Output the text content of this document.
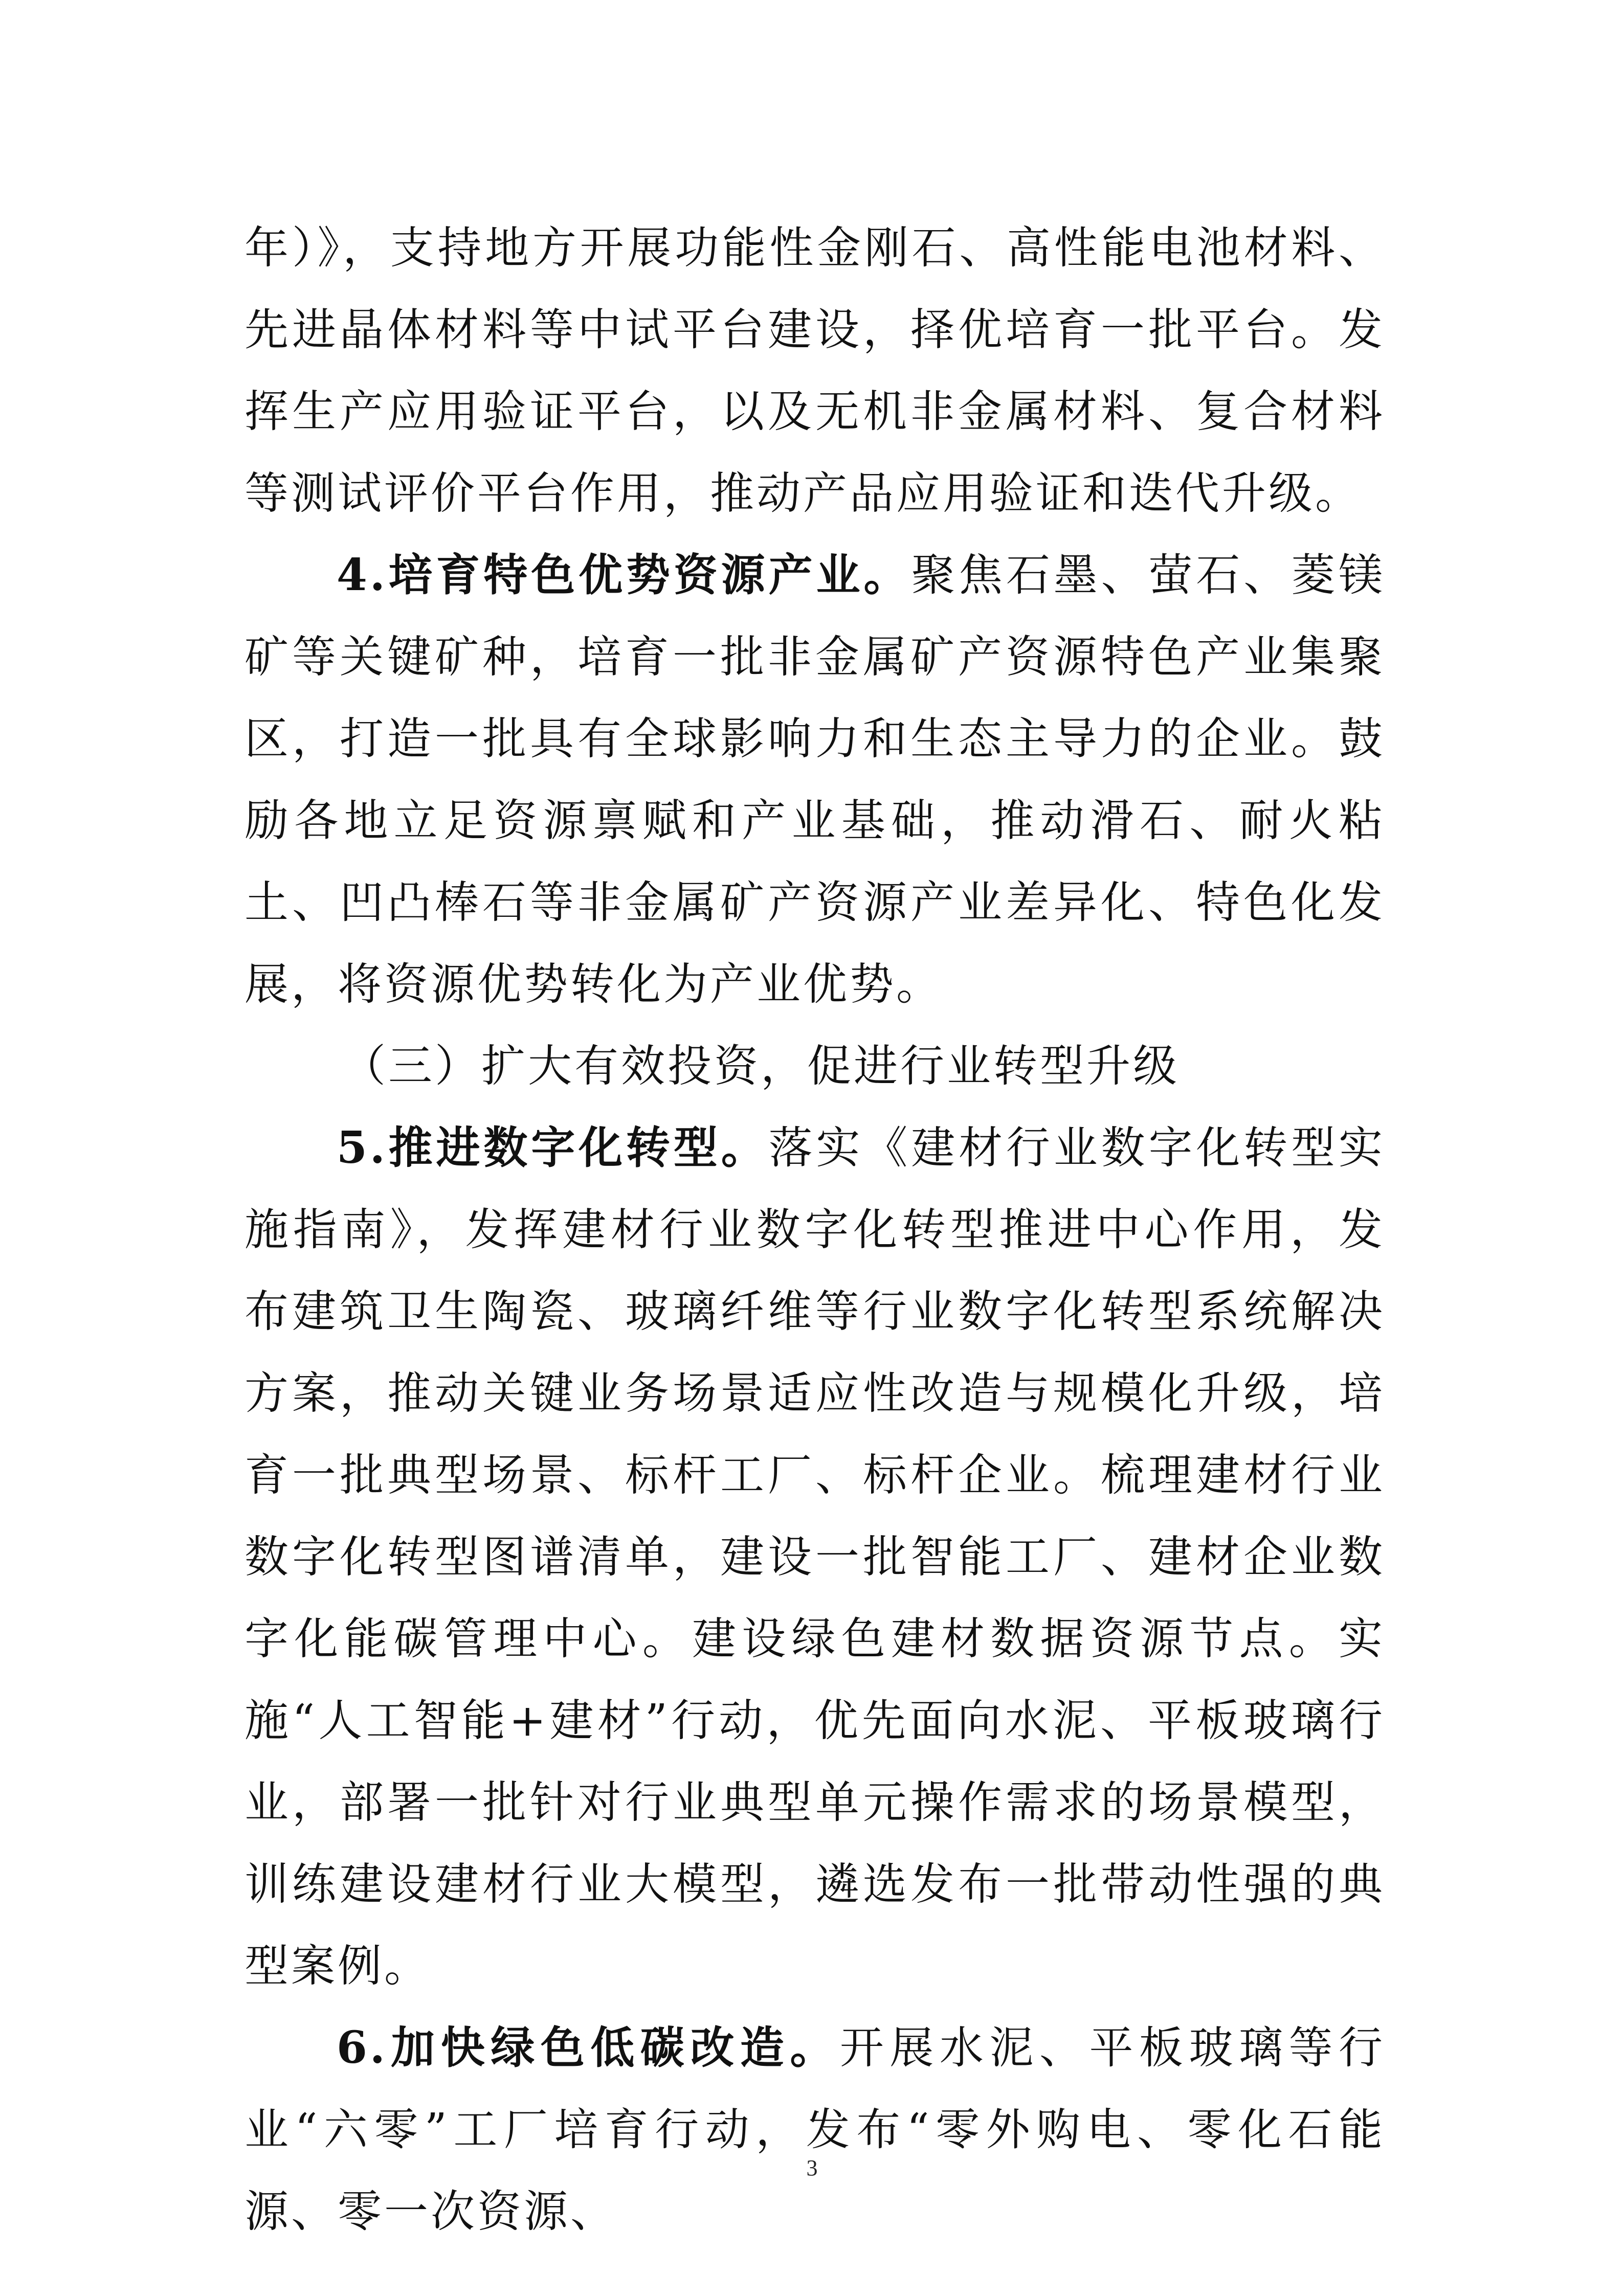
年）》，支持地方开展功能性金刚石、高性能电池材料、先进晶体材料等中试平台建设，择优培育一批平台。发挥生产应用验证平台，以及无机非金属材料、复合材料等测试评价平台作用，推动产品应用验证和迭代升级。

4.培育特色优势资源产业。聚焦石墨、萤石、菱镁矿等关键矿种，培育一批非金属矿产资源特色产业集聚区，打造一批具有全球影响力和生态主导力的企业。鼓励各地立足资源禀赋和产业基础，推动滑石、耐火粘土、凹凸棒石等非金属矿产资源产业差异化、特色化发展，将资源优势转化为产业优势。

（三）扩大有效投资，促进行业转型升级

5.推进数字化转型。落实《建材行业数字化转型实施指南》，发挥建材行业数字化转型推进中心作用，发布建筑卫生陶瓷、玻璃纤维等行业数字化转型系统解决方案，推动关键业务场景适应性改造与规模化升级，培育一批典型场景、标杆工厂、标杆企业。梳理建材行业数字化转型图谱清单，建设一批智能工厂、建材企业数字化能碳管理中心。建设绿色建材数据资源节点。实施“人工智能+建材”行动，优先面向水泥、平板玻璃行业，部署一批针对行业典型单元操作需求的场景模型，训练建设建材行业大模型，遴选发布一批带动性强的典型案例。

6.加快绿色低碳改造。开展水泥、平板玻璃等行业“六零”工厂培育行动，发布“零外购电、零化石能源、零一次资源、

3
